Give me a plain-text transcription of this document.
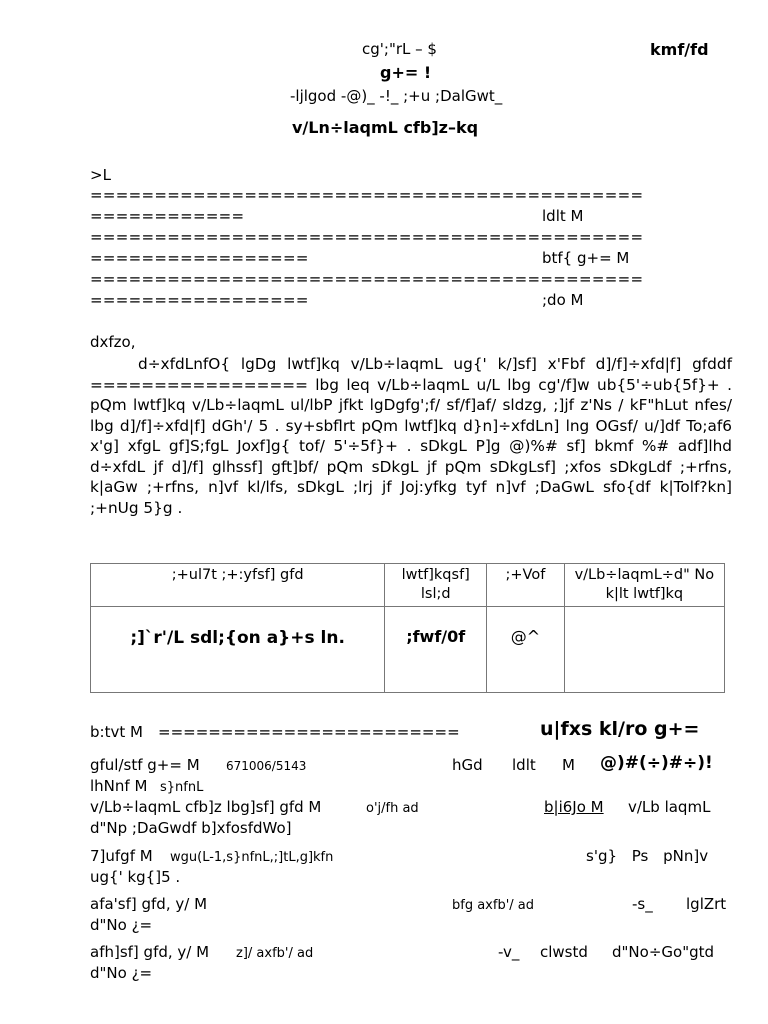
cg';"rL – $	kmf/fd
g+= !
-ljlgod -@)_ -!_ ;+u ;DalGwt_
v/Ln÷laqmL cfb]z–kq
>L
===========================================
============	ldlt M
===========================================
=================	btf{ g+= M
===========================================
=================	;do M
dxfzo,
d÷xfdLnfO{ lgDg lwtf]kq v/Lb÷laqmL ug{' k/]sf] x'Fbf d]/f]÷xfd|f] gfddf ================= lbg leq v/Lb÷laqmL u/L lbg cg'/f]w ub{5'÷ub{5f}+ . pQm lwtf]kq v/Lb÷laqmL ul/lbP jfkt lgDgfg';f/ sf/f]af/ sldzg, ;]jf z'Ns / kF"hLut nfes/ lbg d]/f]÷xfd|f] dGh'/ 5 . sy+sbflrt pQm lwtf]kq d}n]÷xfdLn] lng OGsf/ u/]df To;af6 x'g] xfgL gf]S;fgL Joxf]g{ tof/ 5'÷5f}+ . sDkgL P]g @)%# sf] bkmf %# adf]lhd d÷xfdL jf d]/f] glhssf] gft]bf/ pQm sDkgL jf pQm sDkgLsf] ;xfos sDkgLdf ;+rfns, k|aGw ;+rfns, n]vf kl/lfs, sDkgL ;lrj jf Joj:yfkg tyf n]vf ;DaGwL sfo{df k|Tolf?kn] ;+nUg 5}g .
;+ul7t ;+:yfsf] gfd	lwtf]kqsf] lsl;d	;+Vof	v/Lb÷laqmL÷d" No k|lt lwtf]kq
;]`r'/L sdl;{on a}+s ln.	;fwf/0f	@^	
b:tvt M ========================	u|fxs kl/ro g+=
gful/stf g+= M 671006/5143	hGd ldlt M @)#(÷)#÷)!
lhNnf M s}nfnL
v/Lb÷laqmL cfb]z lbg]sf] gfd M	o'j/fh ad	b|i6Jo M v/Lb laqmL
d"Np ;DaGwdf b]xfosfdWo]
7]ufgf M wgu(L-1,s}nfnL,;]tL,g]kfn	s'g} Ps pNn]v
ug{' kg{]5 .
afa'sf] gfd, y/ M	bfg axfb'/ ad	-s_ lglZrt
d"No ¿=
afh]sf] gfd, y/ M z]/ axfb'/ ad	-v_ clwstd d"No÷Go"gtd
d"No ¿=
